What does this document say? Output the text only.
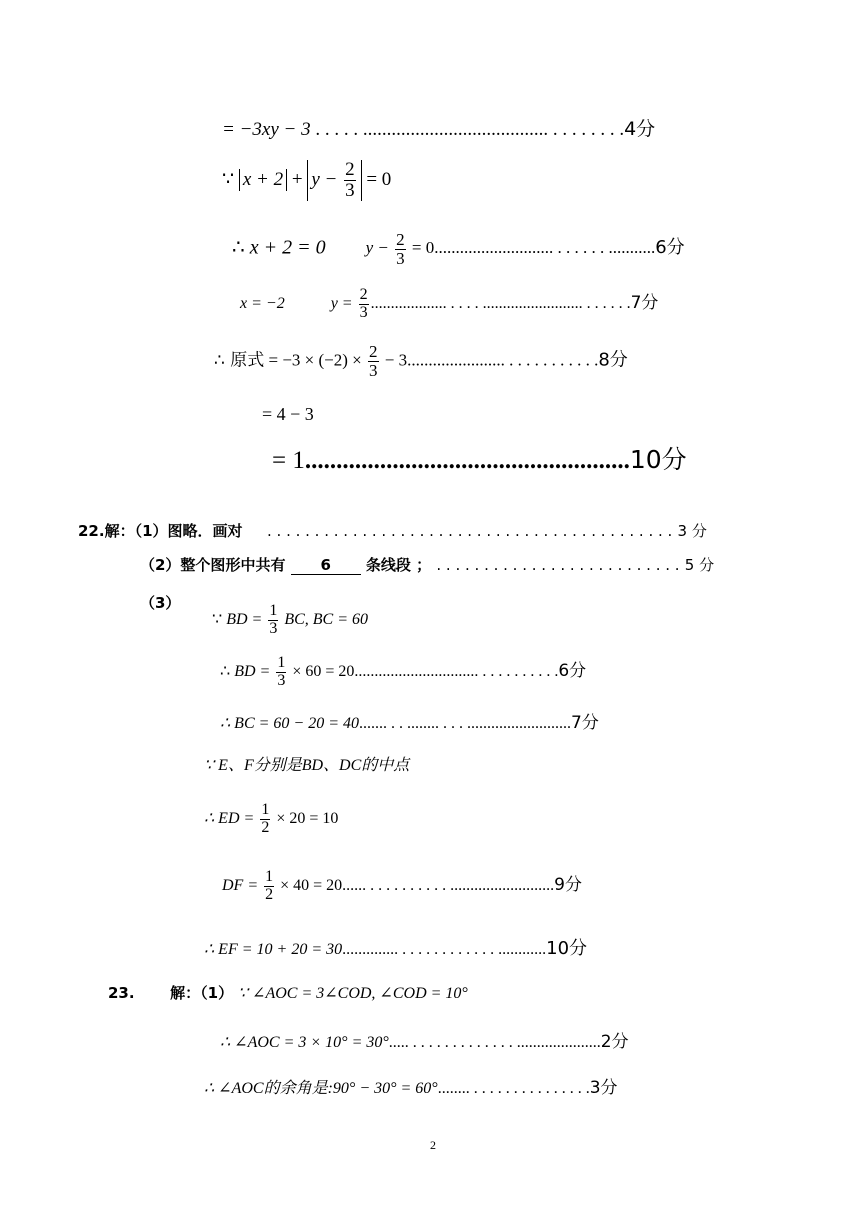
= −3xy − 3 . . . . . ....................................... . . . . . . . .4分
∵ $x + 2 + y - \frac{2}{3} = 0$
∴ x + 2 = 0 $y - \frac{2}{3} = 0$............................ . . . . . . ...........6分
x = −2	$y = \frac{2}{3}$ ................... . . . . ......................... . . . . . .7分
∴ 原式 = $-3 \times (-2) \times \frac{2}{3} - 3$....................... . . . . . . . . . . .8分
= 4 − 3
= 1....................................................10分
22.解：（1）图略．画对  . . . . . . . . . . . . . . . . . . . . . . . . . . . . . . . . . . . . . . . . . . . 3 分
（2）整个图形中共有 6 条线段 ； . . . . . . . . . . . . . . . . . . . . . . . . . . 5 分
（3）
∵ BD = $\frac{1}{3}$ BC, BC = 60
∴ BD = $\frac{1}{3} \times 60 = 20$............................... . . . . . . . . . .6分
∴ BC = 60 − 20 = 40....... . . ........ . . . ..........................7分
∵ E、F分别是BD、DC的中点
∴ ED = $\frac{1}{2} \times 20 = 10$
DF = $\frac{1}{2} \times 40 = 20$...... . . . . . . . . . . ..........................9分
∴ EF = 10 + 20 = 30.............. . . . . . . . . . . . . ............10分
23. 解：（1） ∵ ∠AOC = 3∠COD, ∠COD = 10°
∴ ∠AOC = 3 × 10° = 30°..... . . . . . . . . . . . . . .....................2分
∴ ∠AOC的余角是:90° − 30° = 60°........ . . . . . . . . . . . . . . .3分
2
